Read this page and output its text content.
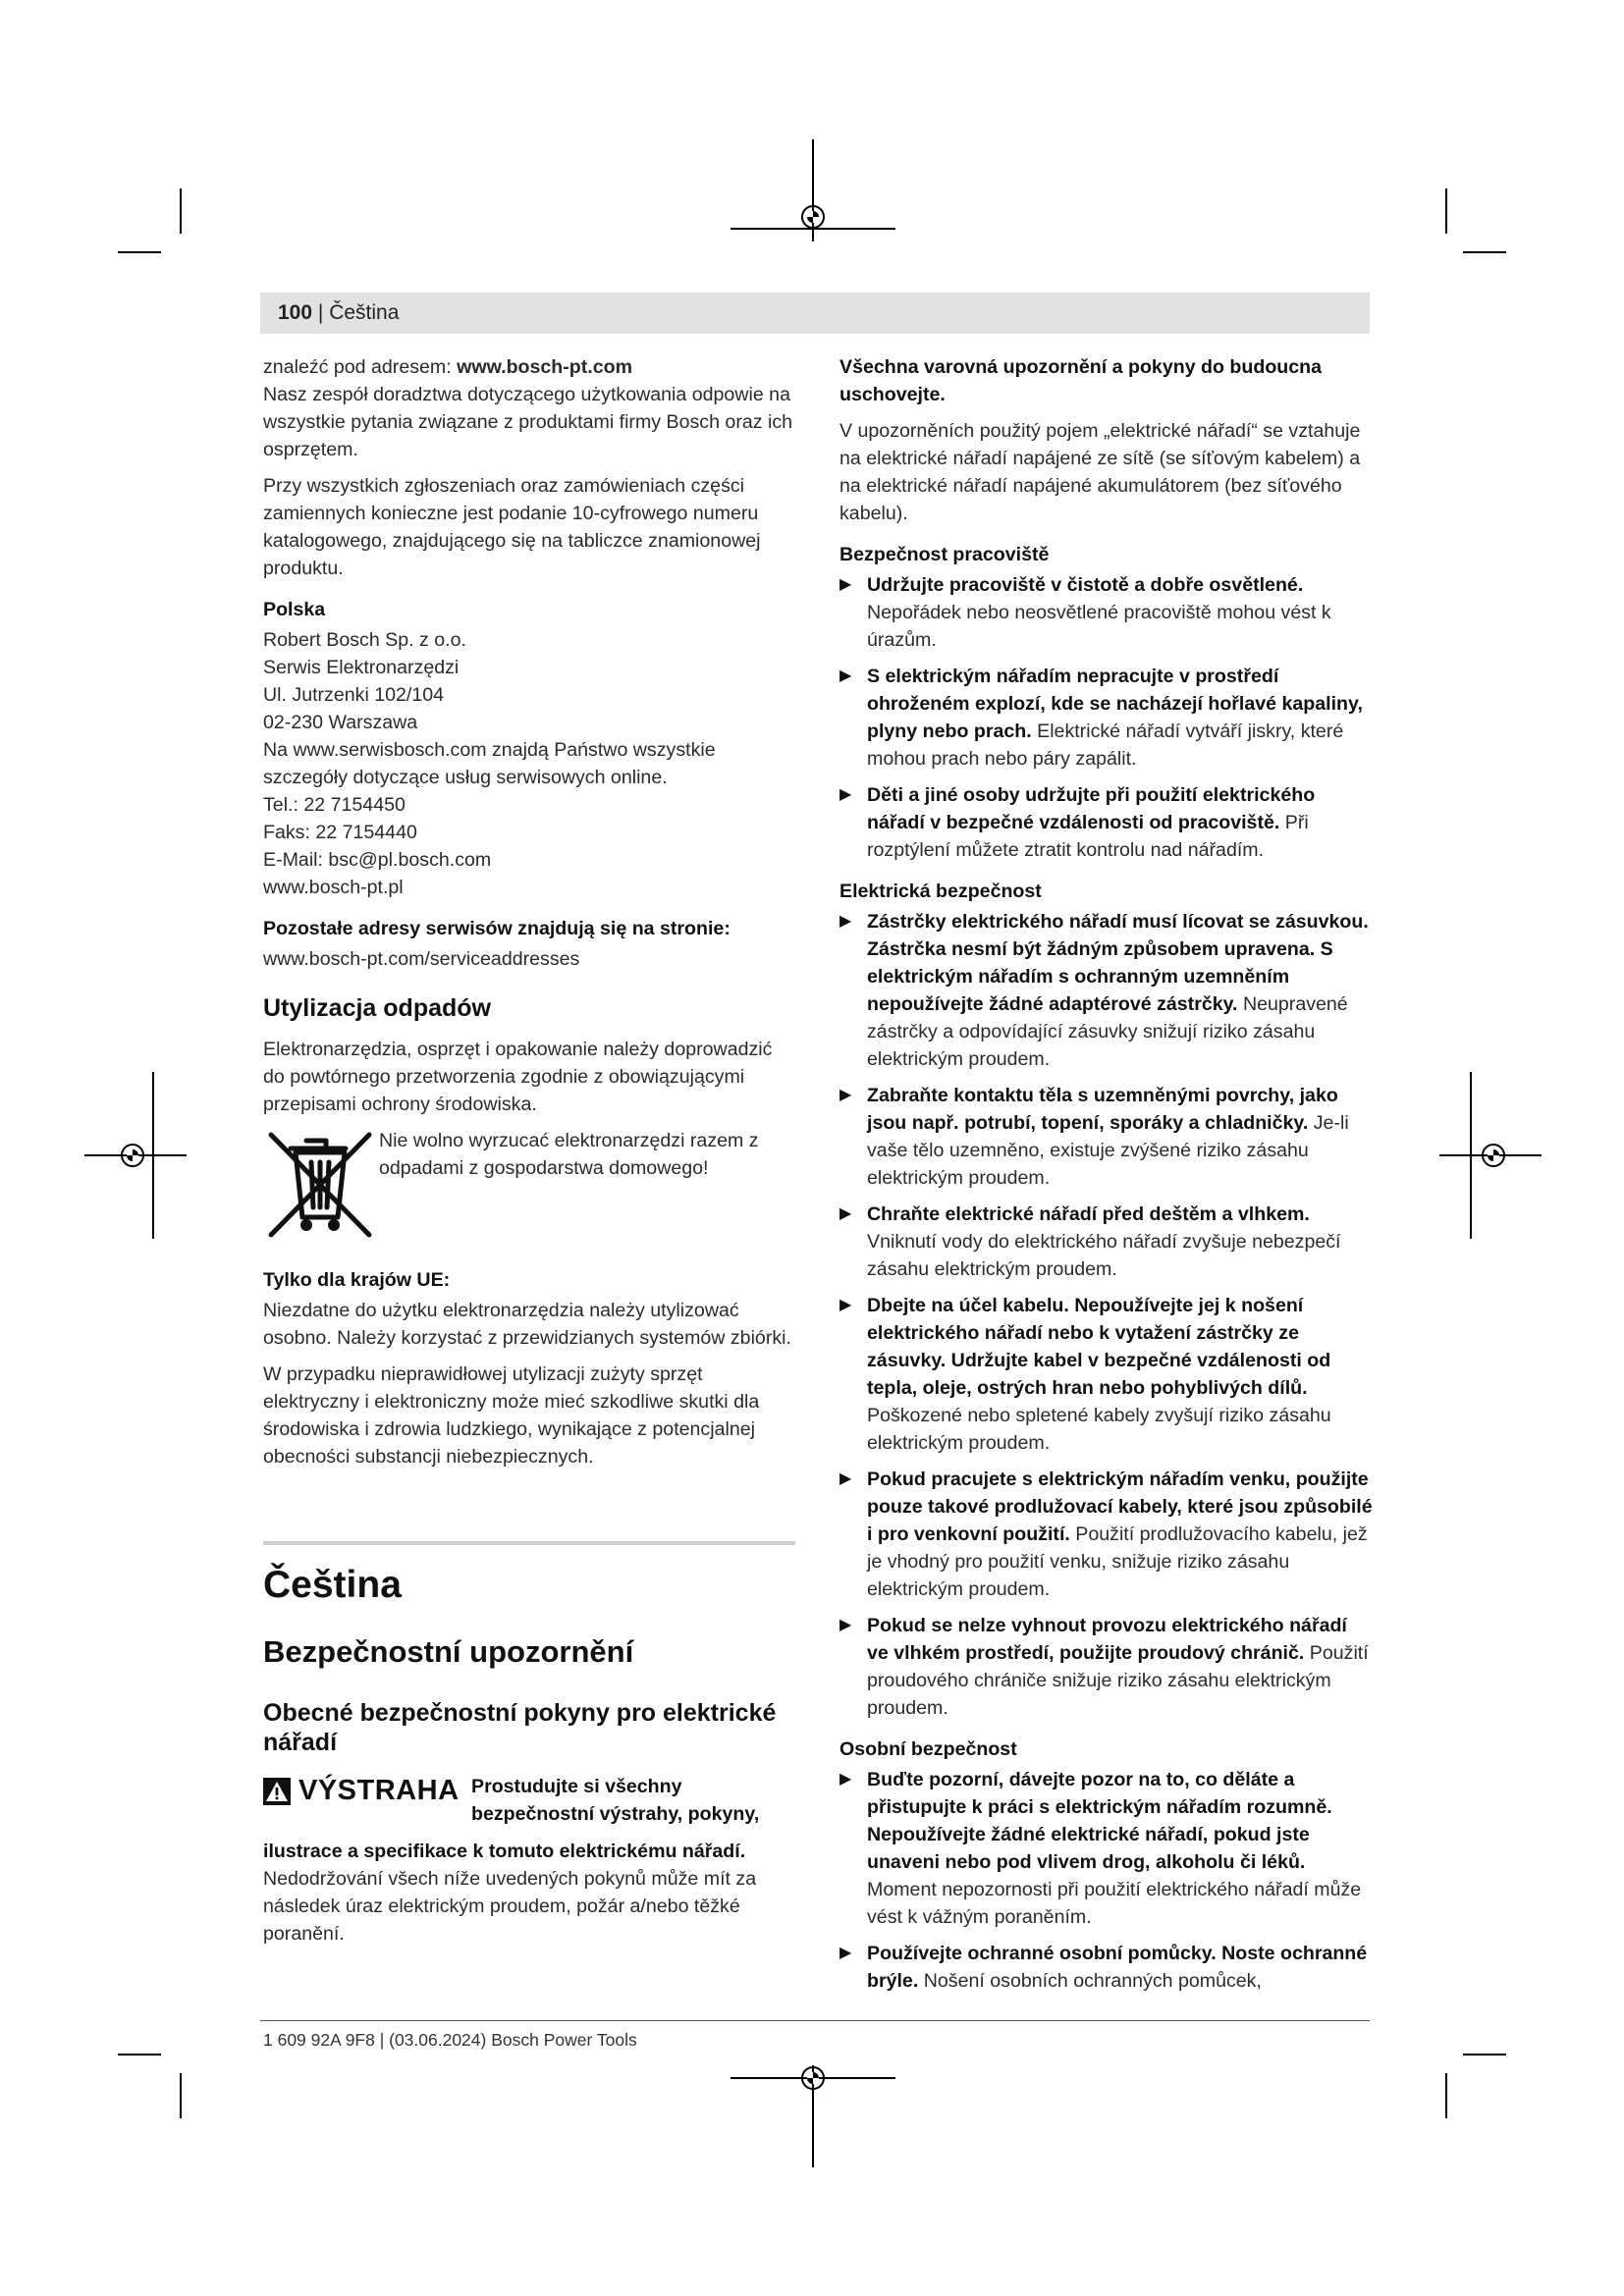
100 | Čeština

znaleźć pod adresem: www.bosch-pt.com
Nasz zespół doradztwa dotyczącego użytkowania odpowie na wszystkie pytania związane z produktami firmy Bosch oraz ich osprzętem.

Przy wszystkich zgłoszeniach oraz zamówieniach części zamiennych konieczne jest podanie 10-cyfrowego numeru katalogowego, znajdującego się na tabliczce znamionowej produktu.

Polska

Robert Bosch Sp. z o.o.
Serwis Elektronarzędzi
Ul. Jutrzenki 102/104
02-230 Warszawa
Na www.serwisbosch.com znajdą Państwo wszystkie szczegóły dotyczące usług serwisowych online.
Tel.: 22 7154450
Faks: 22 7154440
E-Mail: bsc@pl.bosch.com
www.bosch-pt.pl

Pozostałe adresy serwisów znajdują się na stronie:

www.bosch-pt.com/serviceaddresses

Utylizacja odpadów

Elektronarzędzia, osprzęt i opakowanie należy doprowadzić do powtórnego przetworzenia zgodnie z obowiązującymi przepisami ochrony środowiska.

Nie wolno wyrzucać elektronarzędzi razem z odpadami z gospodarstwa domowego!

Tylko dla krajów UE:

Niezdatne do użytku elektronarzędzia należy utylizować osobno. Należy korzystać z przewidzianych systemów zbiórki.

W przypadku nieprawidłowej utylizacji zużyty sprzęt elektryczny i elektroniczny może mieć szkodliwe skutki dla środowiska i zdrowia ludzkiego, wynikające z potencjalnej obecności substancji niebezpiecznych.

Čeština
Bezpečnostní upozornění
Obecné bezpečnostní pokyny pro elektrické nářadí
VÝSTRAHA Prostudujte si všechny bezpečnostní výstrahy, pokyny,

ilustrace a specifikace k tomuto elektrickému nářadí.

Nedodržování všech níže uvedených pokynů může mít za následek úraz elektrickým proudem, požár a/nebo těžké poranění.

Všechna varovná upozornění a pokyny do budoucna uschovejte.

V upozorněních použitý pojem „elektrické nářadí“ se vztahuje na elektrické nářadí napájené ze sítě (se síťovým kabelem) a na elektrické nářadí napájené akumulátorem (bez síťového kabelu).

Bezpečnost pracoviště
▶ Udržujte pracoviště v čistotě a dobře osvětlené. Nepořádek nebo neosvětlené pracoviště mohou vést k úrazům.
▶ S elektrickým nářadím nepracujte v prostředí ohroženém explozí, kde se nacházejí hořlavé kapaliny, plyny nebo prach. Elektrické nářadí vytváří jiskry, které mohou prach nebo páry zapálit.
▶ Děti a jiné osoby udržujte při použití elektrického nářadí v bezpečné vzdálenosti od pracoviště. Při rozptýlení můžete ztratit kontrolu nad nářadím.
Elektrická bezpečnost
▶ Zástrčky elektrického nářadí musí lícovat se zásuvkou. Zástrčka nesmí být žádným způsobem upravena. S elektrickým nářadím s ochranným uzemněním nepoužívejte žádné adaptérové zástrčky. Neupravené zástrčky a odpovídající zásuvky snižují riziko zásahu elektrickým proudem.
▶ Zabraňte kontaktu těla s uzemněnými povrchy, jako jsou např. potrubí, topení, sporáky a chladničky. Je-li vaše tělo uzemněno, existuje zvýšené riziko zásahu elektrickým proudem.
▶ Chraňte elektrické nářadí před deštěm a vlhkem. Vniknutí vody do elektrického nářadí zvyšuje nebezpečí zásahu elektrickým proudem.
▶ Dbejte na účel kabelu. Nepoužívejte jej k nošení elektrického nářadí nebo k vytažení zástrčky ze zásuvky. Udržujte kabel v bezpečné vzdálenosti od tepla, oleje, ostrých hran nebo pohyblivých dílů. Poškozené nebo spletené kabely zvyšují riziko zásahu elektrickým proudem.
▶ Pokud pracujete s elektrickým nářadím venku, použijte pouze takové prodlužovací kabely, které jsou způsobilé i pro venkovní použití. Použití prodlužovacího kabelu, jež je vhodný pro použití venku, snižuje riziko zásahu elektrickým proudem.
▶ Pokud se nelze vyhnout provozu elektrického nářadí ve vlhkém prostředí, použijte proudový chránič. Použití proudového chrániče snižuje riziko zásahu elektrickým proudem.
Osobní bezpečnost
▶ Buďte pozorní, dávejte pozor na to, co děláte a přistupujte k práci s elektrickým nářadím rozumně. Nepoužívejte žádné elektrické nářadí, pokud jste unaveni nebo pod vlivem drog, alkoholu či léků. Moment nepozornosti při použití elektrického nářadí může vést k vážným poraněním.
▶ Používejte ochranné osobní pomůcky. Noste ochranné brýle. Nošení osobních ochranných pomůcek,
1 609 92A 9F8 | (03.06.2024) Bosch Power Tools
